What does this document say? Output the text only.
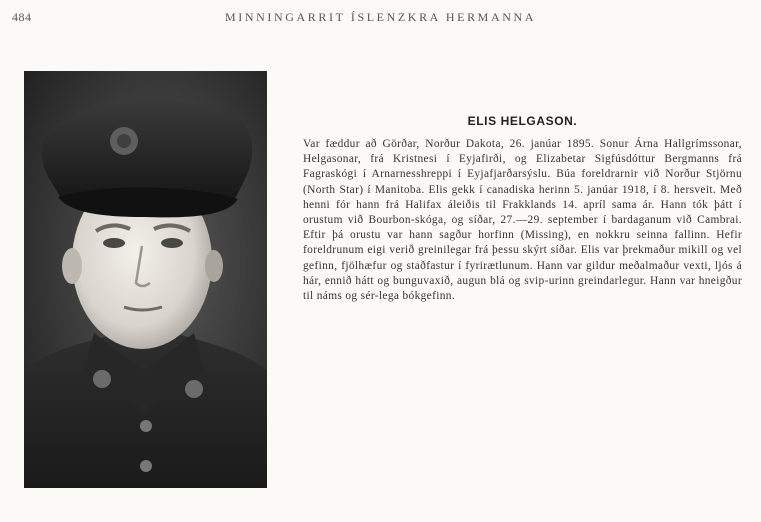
484	MINNINGARRIT ÍSLENZKRA HERMANNA
ELIS HELGASON.

Var fæddur að Görðar, Norður Dakota, 26. janúar 1895. Sonur Árna Hallgrímssonar, Helgasonar, frá Kristnesi í Eyjafirði, og Elizabetar Sigfúsdóttur Bergmanns frá Fagraskógi í Arnarnesshreppi í Eyjafjarðarsýslu. Búa foreldrarnir við Norður Stjörnu (North Star) í Manitoba. Elis gekk í canadiska herinn 5. janúar 1918, í 8. hersveit. Með henni fór hann frá Halifax áleiðis til Frakklands 14. apríl sama ár. Hann tók þátt í orustum við Bourbon-skóga, og síðar, 27.—29. september í bardaganum við Cambrai. Eftir þá orustu var hann sagður horfinn (Missing), en nokkru seinna fallinn. Hefir foreldrunum eigi verið greinilegar frá þessu skýrt síðar. Elis var þrekmaður mikill og vel gefinn, fjölhæfur og staðfastur í fyrirætlunum. Hann var gildur meðalmaður vexti, ljós á hár, ennið hátt og bunguvaxið, augun blá og svip-urinn greindarlegur. Hann var hneigður til náms og sér-lega bókgefinn.
